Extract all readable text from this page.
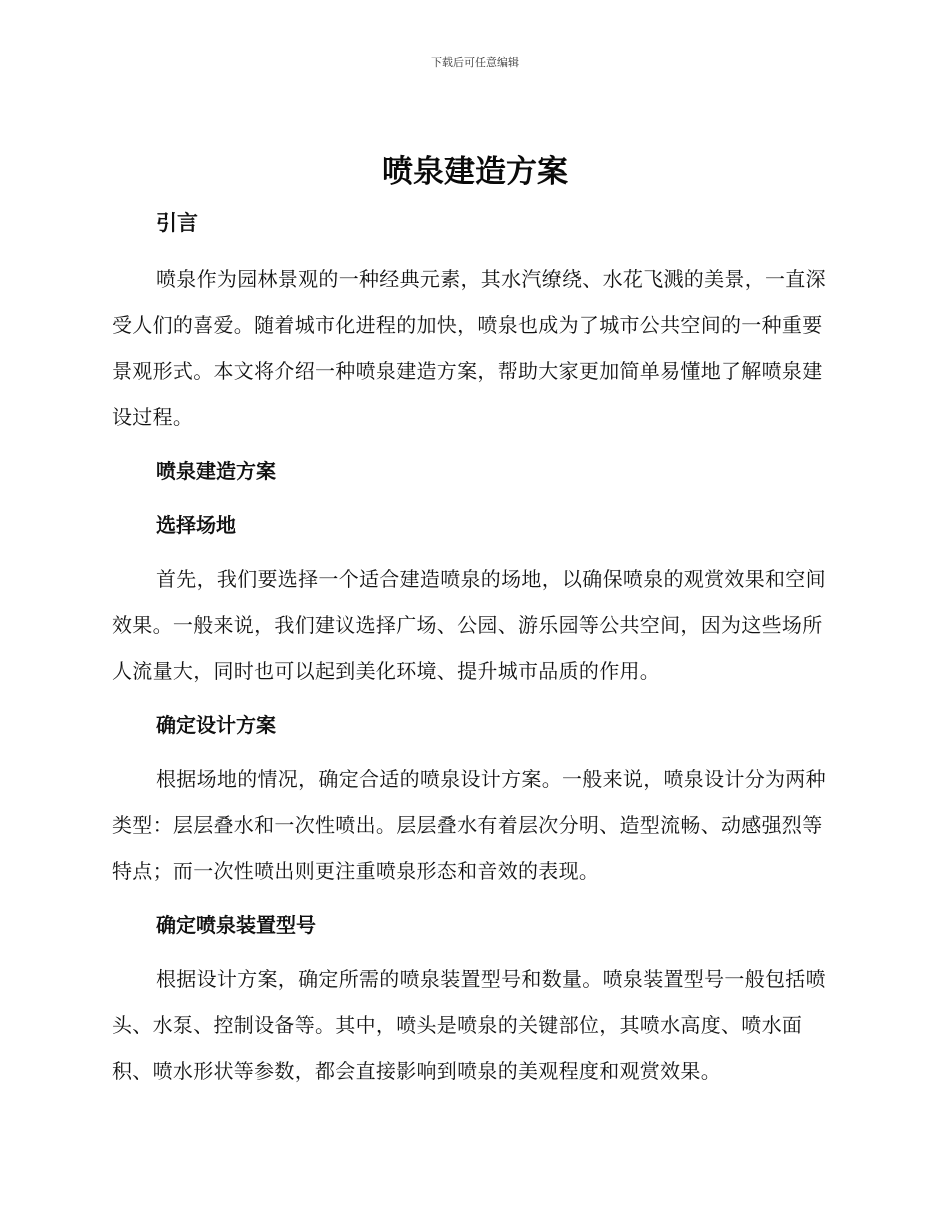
下载后可任意编辑
喷泉建造方案
引言

喷泉作为园林景观的一种经典元素，其水汽缭绕、水花飞溅的美景，一直深受人们的喜爱。随着城市化进程的加快，喷泉也成为了城市公共空间的一种重要景观形式。本文将介绍一种喷泉建造方案，帮助大家更加简单易懂地了解喷泉建设过程。

喷泉建造方案
选择场地

首先，我们要选择一个适合建造喷泉的场地，以确保喷泉的观赏效果和空间效果。一般来说，我们建议选择广场、公园、游乐园等公共空间，因为这些场所人流量大，同时也可以起到美化环境、提升城市品质的作用。

确定设计方案

根据场地的情况，确定合适的喷泉设计方案。一般来说，喷泉设计分为两种类型：层层叠水和一次性喷出。层层叠水有着层次分明、造型流畅、动感强烈等特点；而一次性喷出则更注重喷泉形态和音效的表现。

确定喷泉装置型号

根据设计方案，确定所需的喷泉装置型号和数量。喷泉装置型号一般包括喷头、水泵、控制设备等。其中，喷头是喷泉的关键部位，其喷水高度、喷水面积、喷水形状等参数，都会直接影响到喷泉的美观程度和观赏效果。
